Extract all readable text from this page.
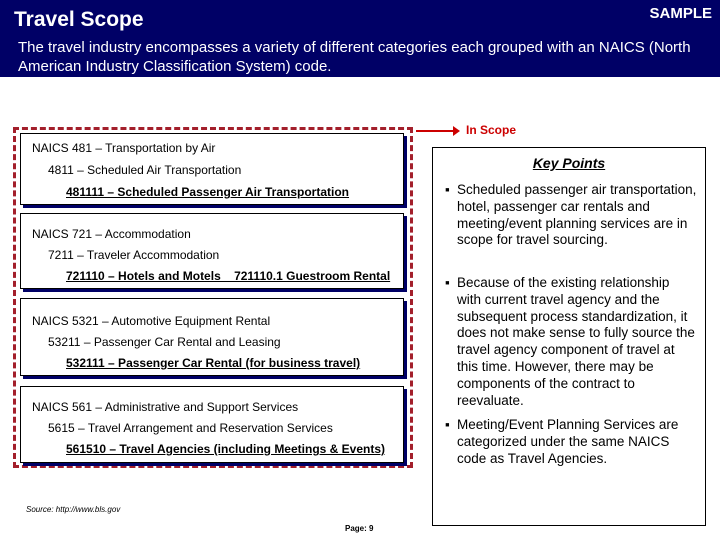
Travel Scope	SAMPLE
The travel industry encompasses a variety of different categories each grouped with an NAICS (North American Industry Classification System) code.
NAICS 481 – Transportation by Air
4811 – Scheduled Air Transportation
481111 – Scheduled Passenger Air Transportation
NAICS 721 – Accommodation
7211 – Traveler Accommodation
721110 – Hotels and Motels    721110.1 Guestroom Rental
NAICS 5321 – Automotive Equipment Rental
53211 – Passenger Car Rental and Leasing
532111 – Passenger Car Rental (for business travel)
NAICS 561 – Administrative and Support Services
5615 – Travel Arrangement and Reservation Services
561510 – Travel Agencies (including Meetings & Events)
In Scope
Key Points
▪ Scheduled passenger air transportation, hotel, passenger car rentals and meeting/event planning services are in scope for travel sourcing.
▪ Because of the existing relationship with current travel agency and the subsequent process standardization, it does not make sense to fully source the travel agency component of travel at this time. However, there may be components of the contract to reevaluate.
▪ Meeting/Event Planning Services are categorized under the same NAICS code as Travel Agencies.
Source: http://www.bls.gov
Page: 9
